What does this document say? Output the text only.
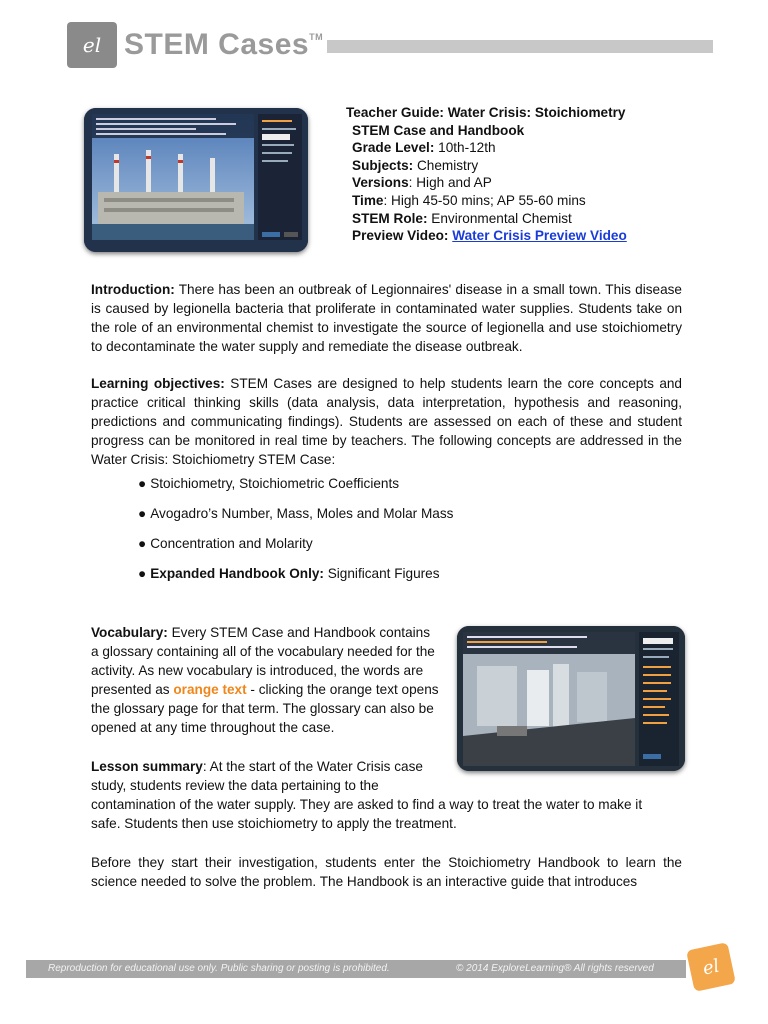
el STEM Cases™
Teacher Guide: Water Crisis: Stoichiometry
STEM Case and Handbook
Grade Level: 10th-12th
Subjects: Chemistry
Versions: High and AP
Time: High 45-50 mins; AP 55-60 mins
STEM Role: Environmental Chemist
Preview Video: Water Crisis Preview Video
Introduction: There has been an outbreak of Legionnaires' disease in a small town. This disease is caused by legionella bacteria that proliferate in contaminated water supplies. Students take on the role of an environmental chemist to investigate the source of legionella and use stoichiometry to decontaminate the water supply and remediate the disease outbreak.
Learning objectives: STEM Cases are designed to help students learn the core concepts and practice critical thinking skills (data analysis, data interpretation, hypothesis and reasoning, predictions and communicating findings). Students are assessed on each of these and student progress can be monitored in real time by teachers. The following concepts are addressed in the Water Crisis: Stoichiometry STEM Case:
● Stoichiometry, Stoichiometric Coefficients
● Avogadro’s Number, Mass, Moles and Molar Mass
● Concentration and Molarity
● Expanded Handbook Only: Significant Figures
Vocabulary: Every STEM Case and Handbook contains
a glossary containing all of the vocabulary needed for the
activity. As new vocabulary is introduced, the words are
presented as orange text - clicking the orange text opens
the glossary page for that term. The glossary can also be
opened at any time throughout the case.
Lesson summary: At the start of the Water Crisis case
study, students review the data pertaining to the
contamination of the water supply. They are asked to find a way to treat the water to make it
safe. Students then use stoichiometry to apply the treatment.
Before they start their investigation, students enter the Stoichiometry Handbook to learn the science needed to solve the problem. The Handbook is an interactive guide that introduces
Reproduction for educational use only. Public sharing or posting is prohibited.	© 2014 ExploreLearning® All rights reserved	el
